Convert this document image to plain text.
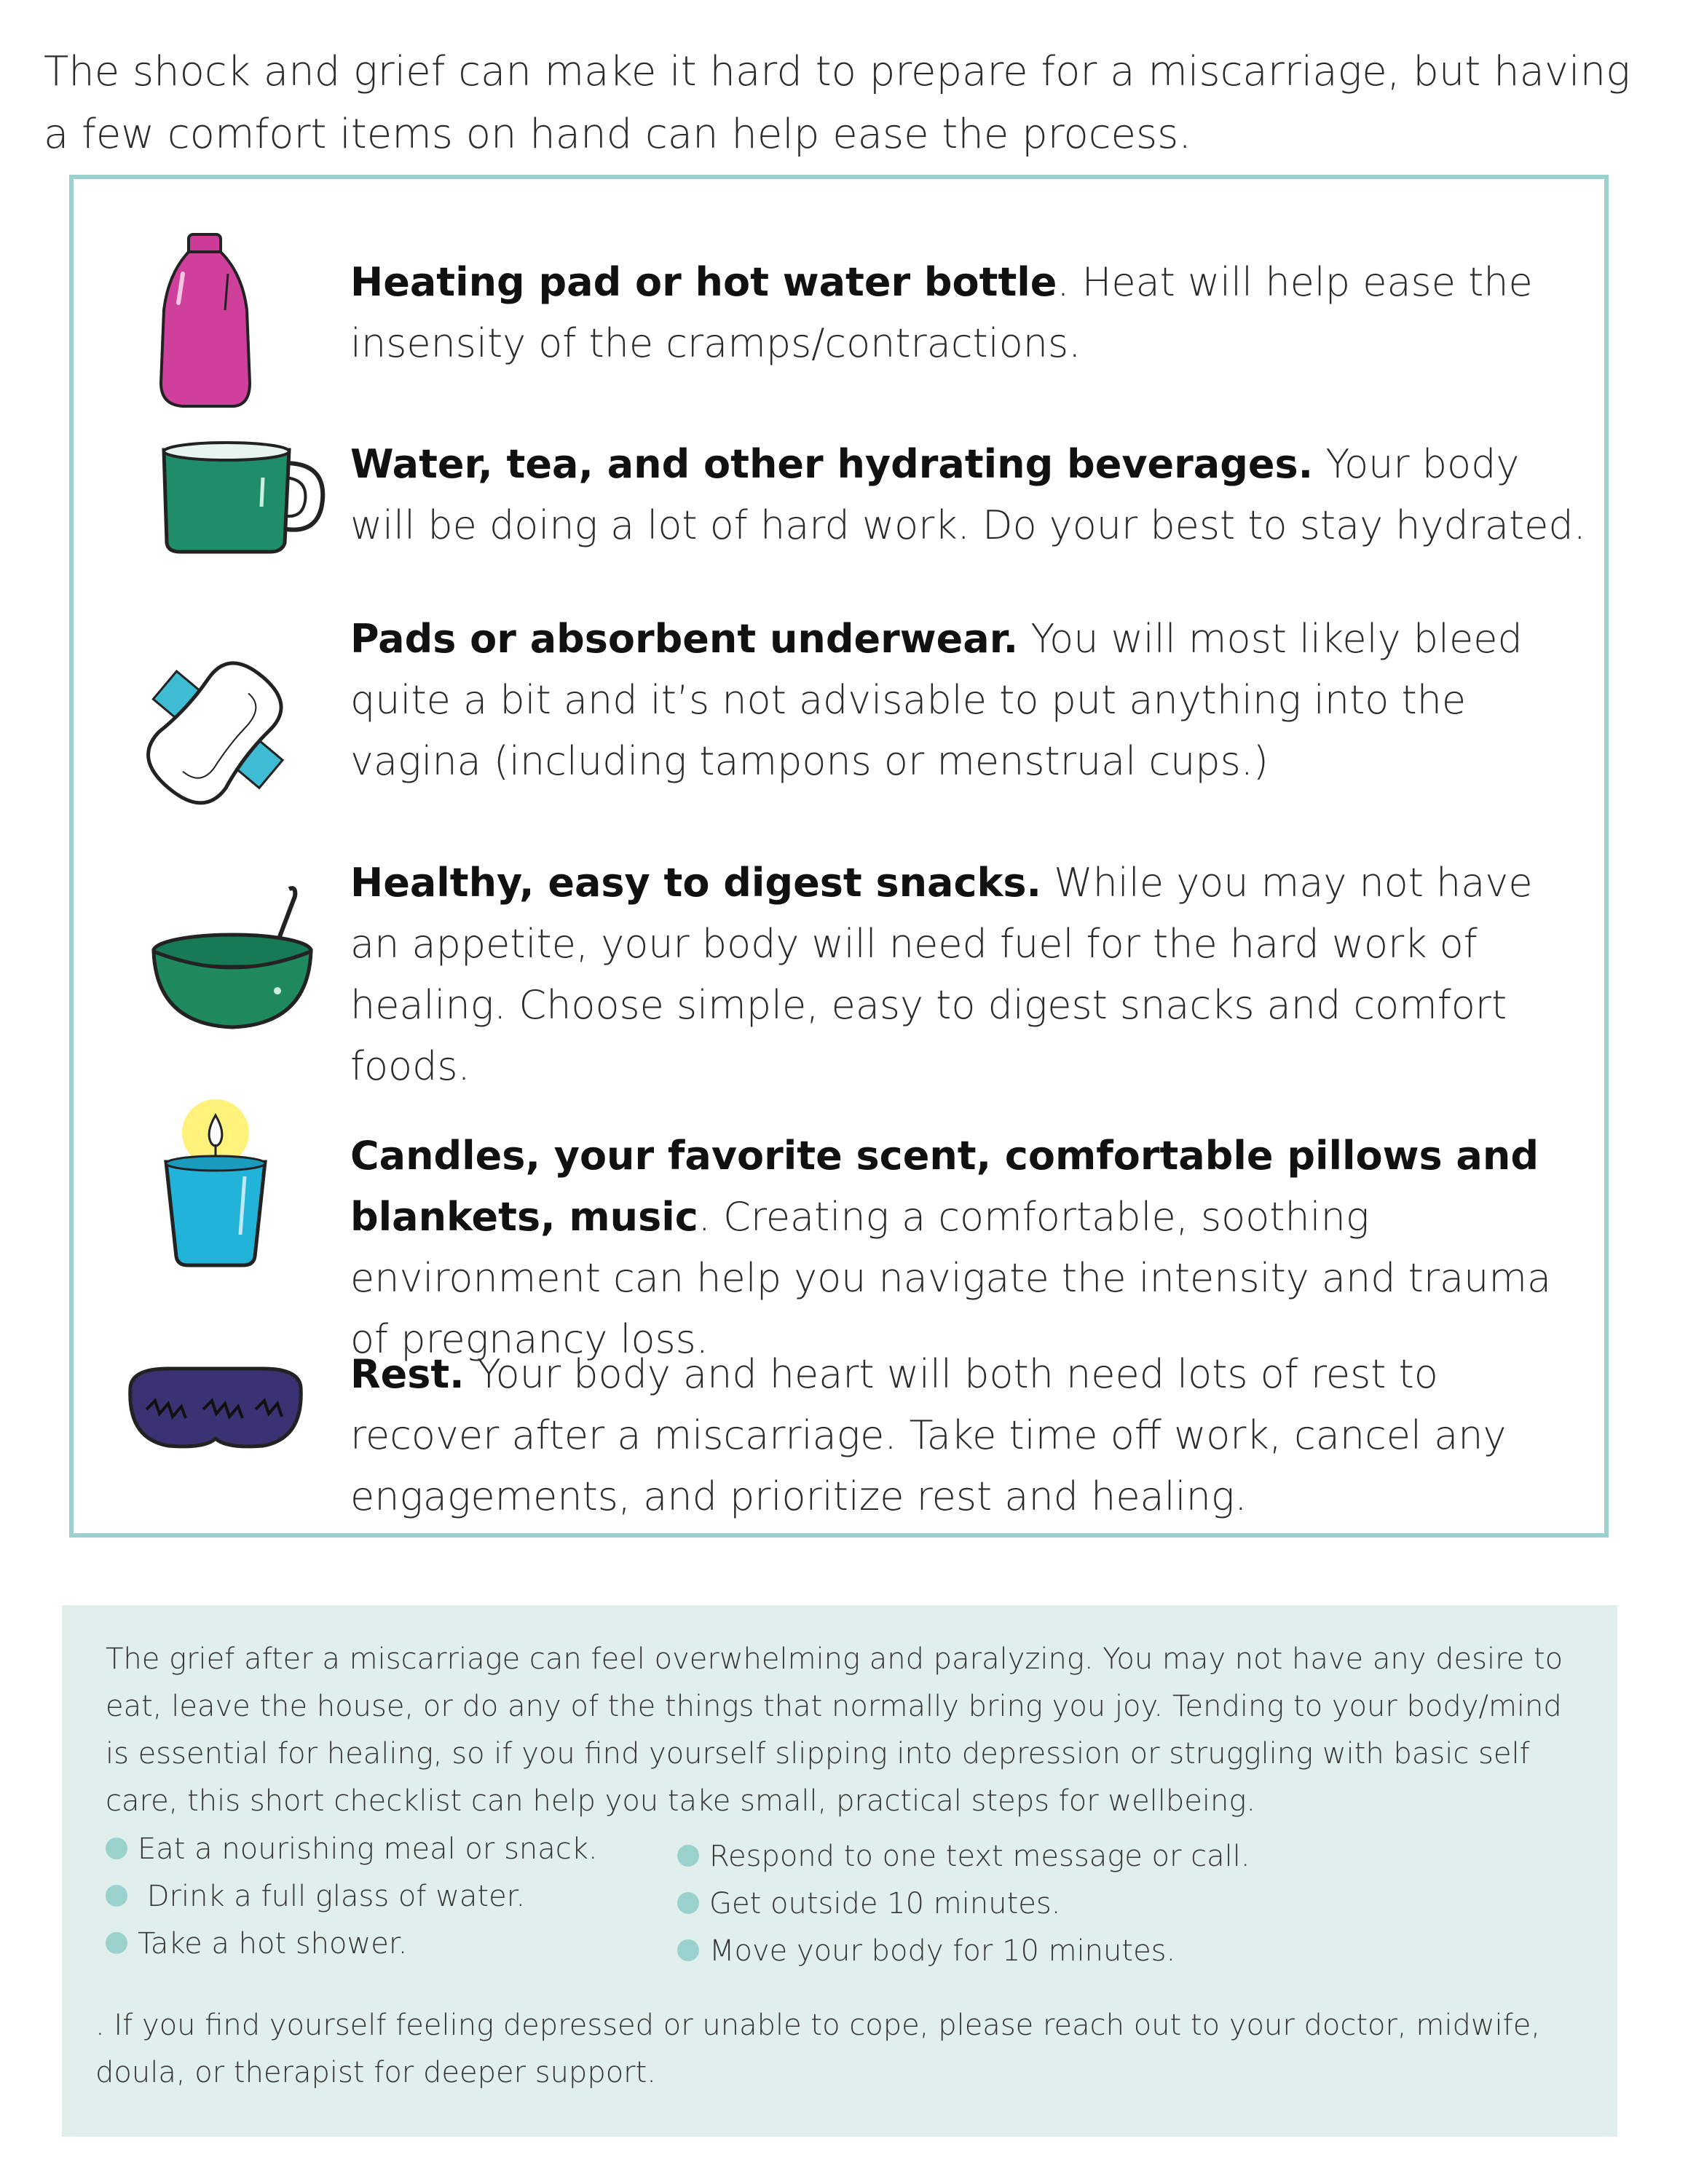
The shock and grief can make it hard to prepare for a miscarriage, but having a few comfort items on hand can help ease the process.
Heating pad or hot water bottle. Heat will help ease the insensity of the cramps/contractions.
Water, tea, and other hydrating beverages. Your body will be doing a lot of hard work. Do your best to stay hydrated.
Pads or absorbent underwear. You will most likely bleed quite a bit and it’s not advisable to put anything into the vagina (including tampons or menstrual cups.)
Healthy, easy to digest snacks. While you may not have an appetite, your body will need fuel for the hard work of healing. Choose simple, easy to digest snacks and comfort foods.
Candles, your favorite scent, comfortable pillows and blankets, music. Creating a comfortable, soothing environment can help you navigate the intensity and trauma of pregnancy loss.
Rest. Your body and heart will both need lots of rest to recover after a miscarriage. Take time off work, cancel any engagements, and prioritize rest and healing.
The grief after a miscarriage can feel overwhelming and paralyzing. You may not have any desire to eat, leave the house, or do any of the things that normally bring you joy. Tending to your body/mind is essential for healing, so if you find yourself slipping into depression or struggling with basic self care, this short checklist can help you take small, practical steps for wellbeing.
Eat a nourishing meal or snack.
Drink a full glass of water.
Take a hot shower.
Respond to one text message or call.
Get outside 10 minutes.
Move your body for 10 minutes.
. If you find yourself feeling depressed or unable to cope, please reach out to your doctor, midwife, doula, or therapist for deeper support.
